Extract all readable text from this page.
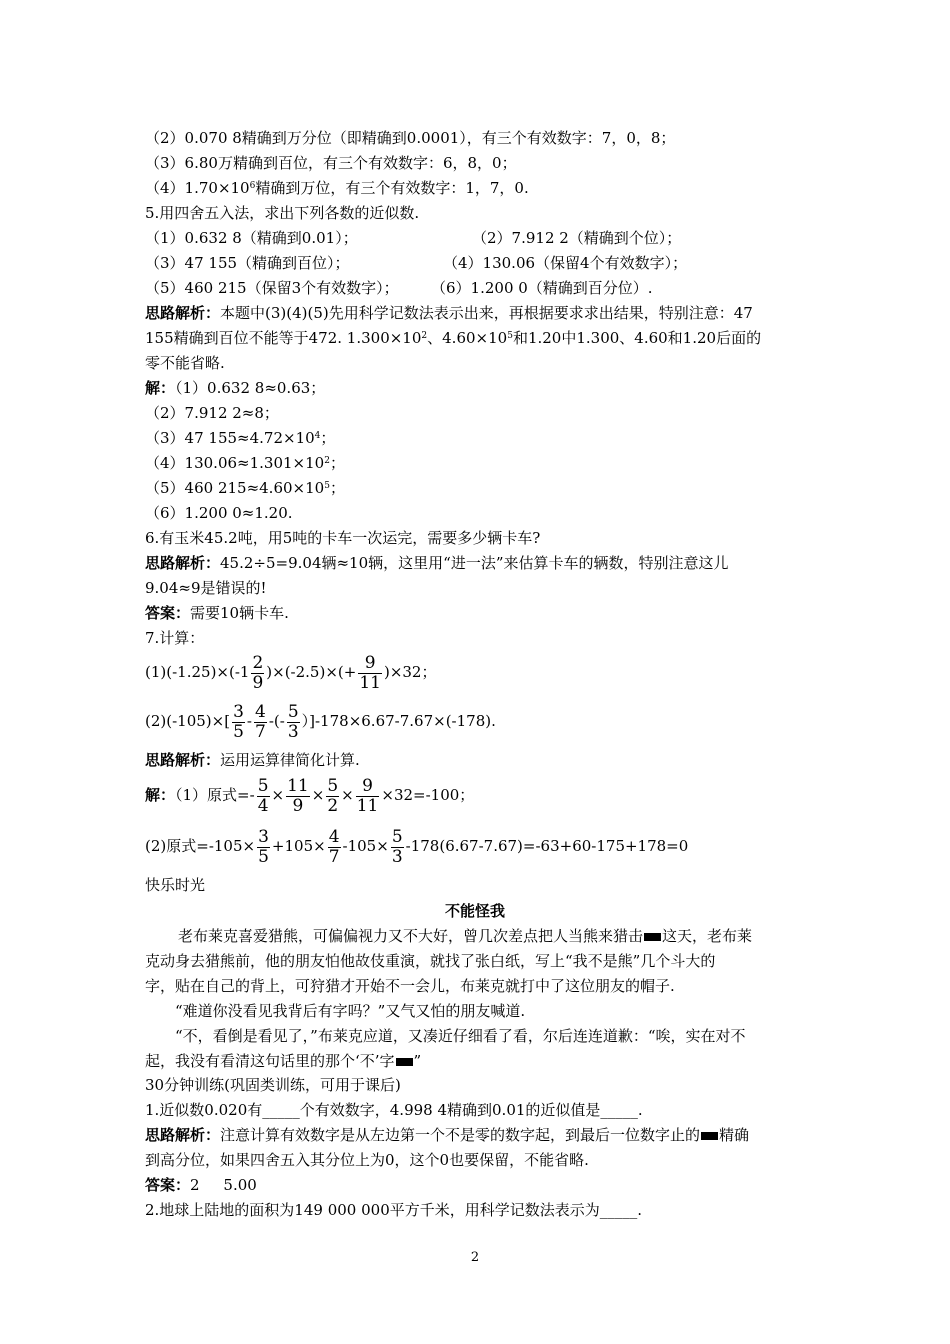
（2）0.070 8精确到万分位（即精确到0.0001），有三个有效数字：7，0，8；
（3）6.80万精确到百位，有三个有效数字：6，8，0；
$(4)1.70\times 10^6$精确到万位，有三个有效数字：1，7，0.
5.用四舍五入法，求出下列各数的近似数.
（1）0.632 8（精确到0.01）；	（2）7.912 2（精确到个位）；
（3）47 155（精确到百位）；	（4）130.06（保留4个有效数字）；
（5）460 215（保留3个有效数字）； （6）1.200 0（精确到百分位）.
思路解析：本题中(3)(4)(5)先用科学记数法表示出来，再根据要求求出结果，特别注意：47
155精确到百位不能等于472. $1.300\times 10^2$、$4.60\times 10^5$和1.20中1.300、4.60和1.20后面的
零不能省略.
解：（1）0.632 8≈0.63；
（2）7.912 2≈8；
（3）47 $155\approx 4.72\times 10^4$；
$(4)130.06\approx 1.301\times 10^2$；
（5）460 $215\approx 4.60\times 10^5$；
（6）1.200 0≈1.20.
6.有玉米45.2吨，用5吨的卡车一次运完，需要多少辆卡车?
思路解析：45.2÷5=9.04辆≈10辆，这里用“进一法”来估算卡车的辆数，特别注意这儿
9.04≈9是错误的!
答案：需要10辆卡车.
7.计算：
$(1)(-1.25)\times(-1 \frac{2}{9} )\times(-2.5)\times(+ \frac{9}{11} )\times 32$；
$(2)(-105)\times[ \frac{3}{5} - \frac{4}{7}$ -(- $\frac{5}{3} )]-178\times 6.67-7.67\times(-178)$.
思路解析：运用运算律简化计算.
解：（1）原式=- $\frac{5}{4} \times \frac{11}{9} \times \frac{5}{2} \times \frac{9}{11} \times 32=-100$；
(2)原式$=-105\times \frac{3}{5} +105\times \frac{4}{7} -105\times \frac{5}{3} -178(6.67-7.67)=-63+60-175+178=0$
快乐时光
不能怪我
老布莱克喜爱猎熊，可偏偏视力又不大好，曾几次差点把人当熊来猎击 这天，老布莱
克动身去猎熊前，他的朋友怕他故伎重演，就找了张白纸，写上“我不是熊”几个斗大的
字，贴在自己的背上，可狩猎才开始不一会儿，布莱克就打中了这位朋友的帽子.
“难道你没看见我背后有字吗？”又气又怕的朋友喊道.
“不，看倒是看见了，”布莱克应道，又凑近仔细看了看，尔后连连道歉：“唉，实在对不
起，我没有看清这句话里的那个‘不’字 ”
30分钟训练(巩固类训练，可用于课后)
1.近似数0.020有_____个有效数字，4.998 4精确到0.01的近似值是_____.
思路解析：注意计算有效数字是从左边第一个不是零的数字起，到最后一位数字止的 精确
到高分位，如果四舍五入其分位上为0，这个0也要保留，不能省略.
答案：2     5.00
2.地球上陆地的面积为149 000 000平方千米，用科学记数法表示为_____.
2
